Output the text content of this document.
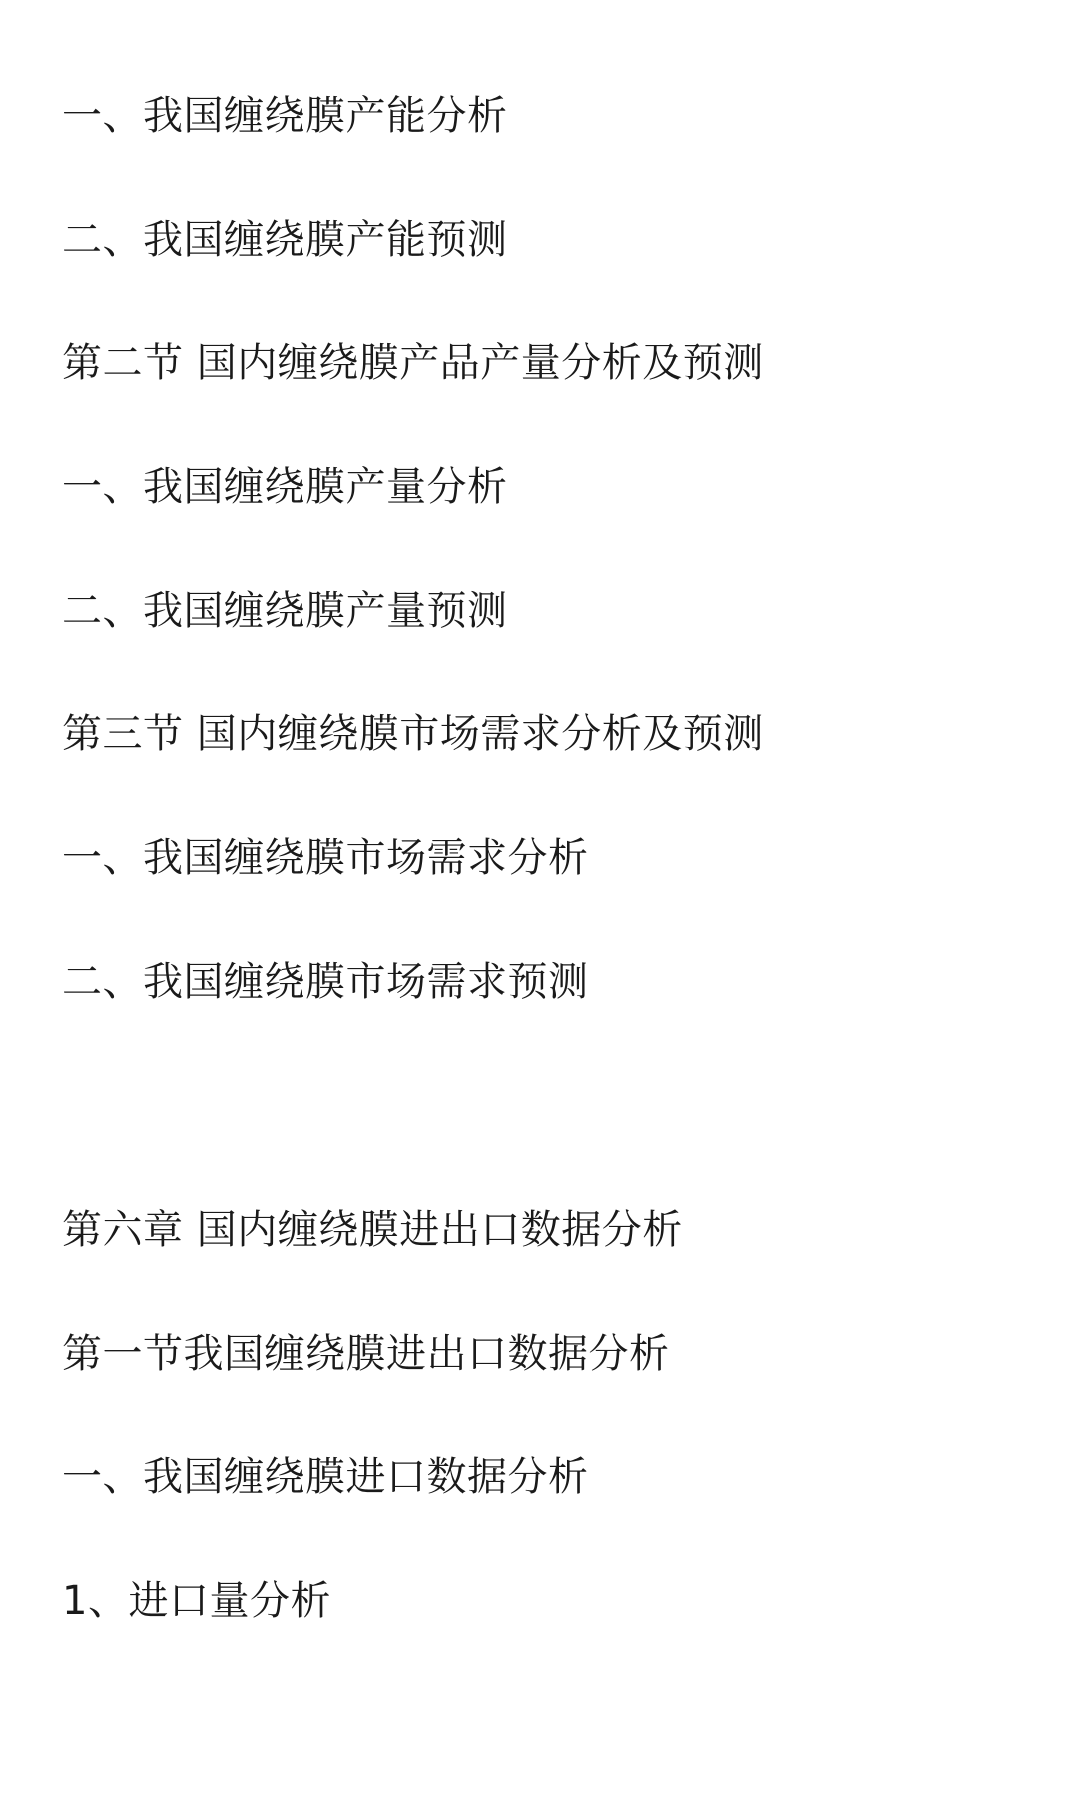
一、我国缠绕膜产能分析
二、我国缠绕膜产能预测
第二节 国内缠绕膜产品产量分析及预测
一、我国缠绕膜产量分析
二、我国缠绕膜产量预测
第三节 国内缠绕膜市场需求分析及预测
一、我国缠绕膜市场需求分析
二、我国缠绕膜市场需求预测
第六章 国内缠绕膜进出口数据分析
第一节我国缠绕膜进出口数据分析
一、我国缠绕膜进口数据分析
1、进口量分析
